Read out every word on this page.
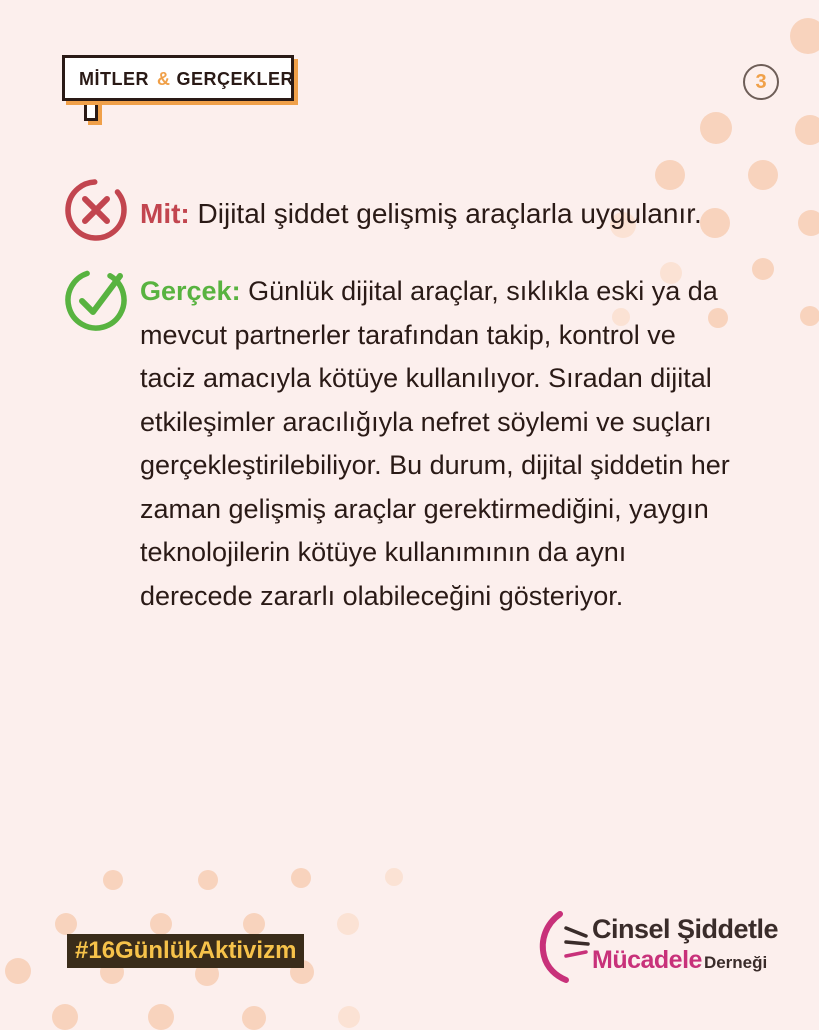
MİTLER & GERÇEKLER	3
Mit: Dijital şiddet gelişmiş araçlarla uygulanır.
Gerçek: Günlük dijital araçlar, sıklıkla eski ya da mevcut partnerler tarafından takip, kontrol ve taciz amacıyla kötüye kullanılıyor. Sıradan dijital etkileşimler aracılığıyla nefret söylemi ve suçları gerçekleştirilebiliyor. Bu durum, dijital şiddetin her zaman gelişmiş araçlar gerektirmediğini, yaygın teknolojilerin kötüye kullanımının da aynı derecede zararlı olabileceğini gösteriyor.
#16GünlükAktivizm
Cinsel Şiddetle
Mücadele Derneği
